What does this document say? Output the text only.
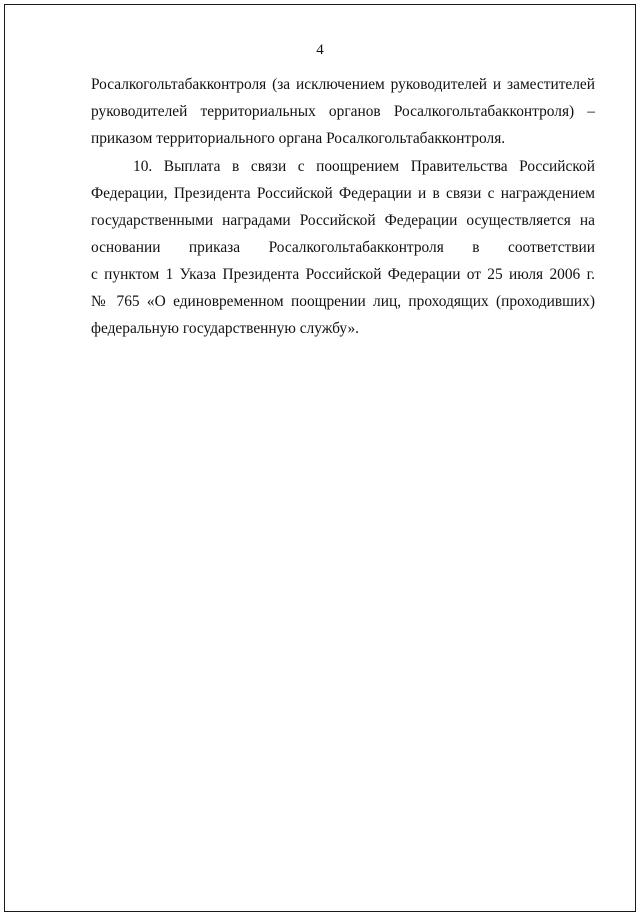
4
Росалкогольтабакконтроля (за исключением руководителей и заместителей
руководителей территориальных органов Росалкогольтабакконтроля) –
приказом территориального органа Росалкогольтабакконтроля.
10. Выплата в связи с поощрением Правительства Российской
Федерации, Президента Российской Федерации и в связи с награждением
государственными наградами Российской Федерации осуществляется на
основании приказа Росалкогольтабакконтроля в соответствии
с пунктом 1 Указа Президента Российской Федерации от 25 июля 2006 г.
№ 765 «О единовременном поощрении лиц, проходящих (проходивших)
федеральную государственную службу».
